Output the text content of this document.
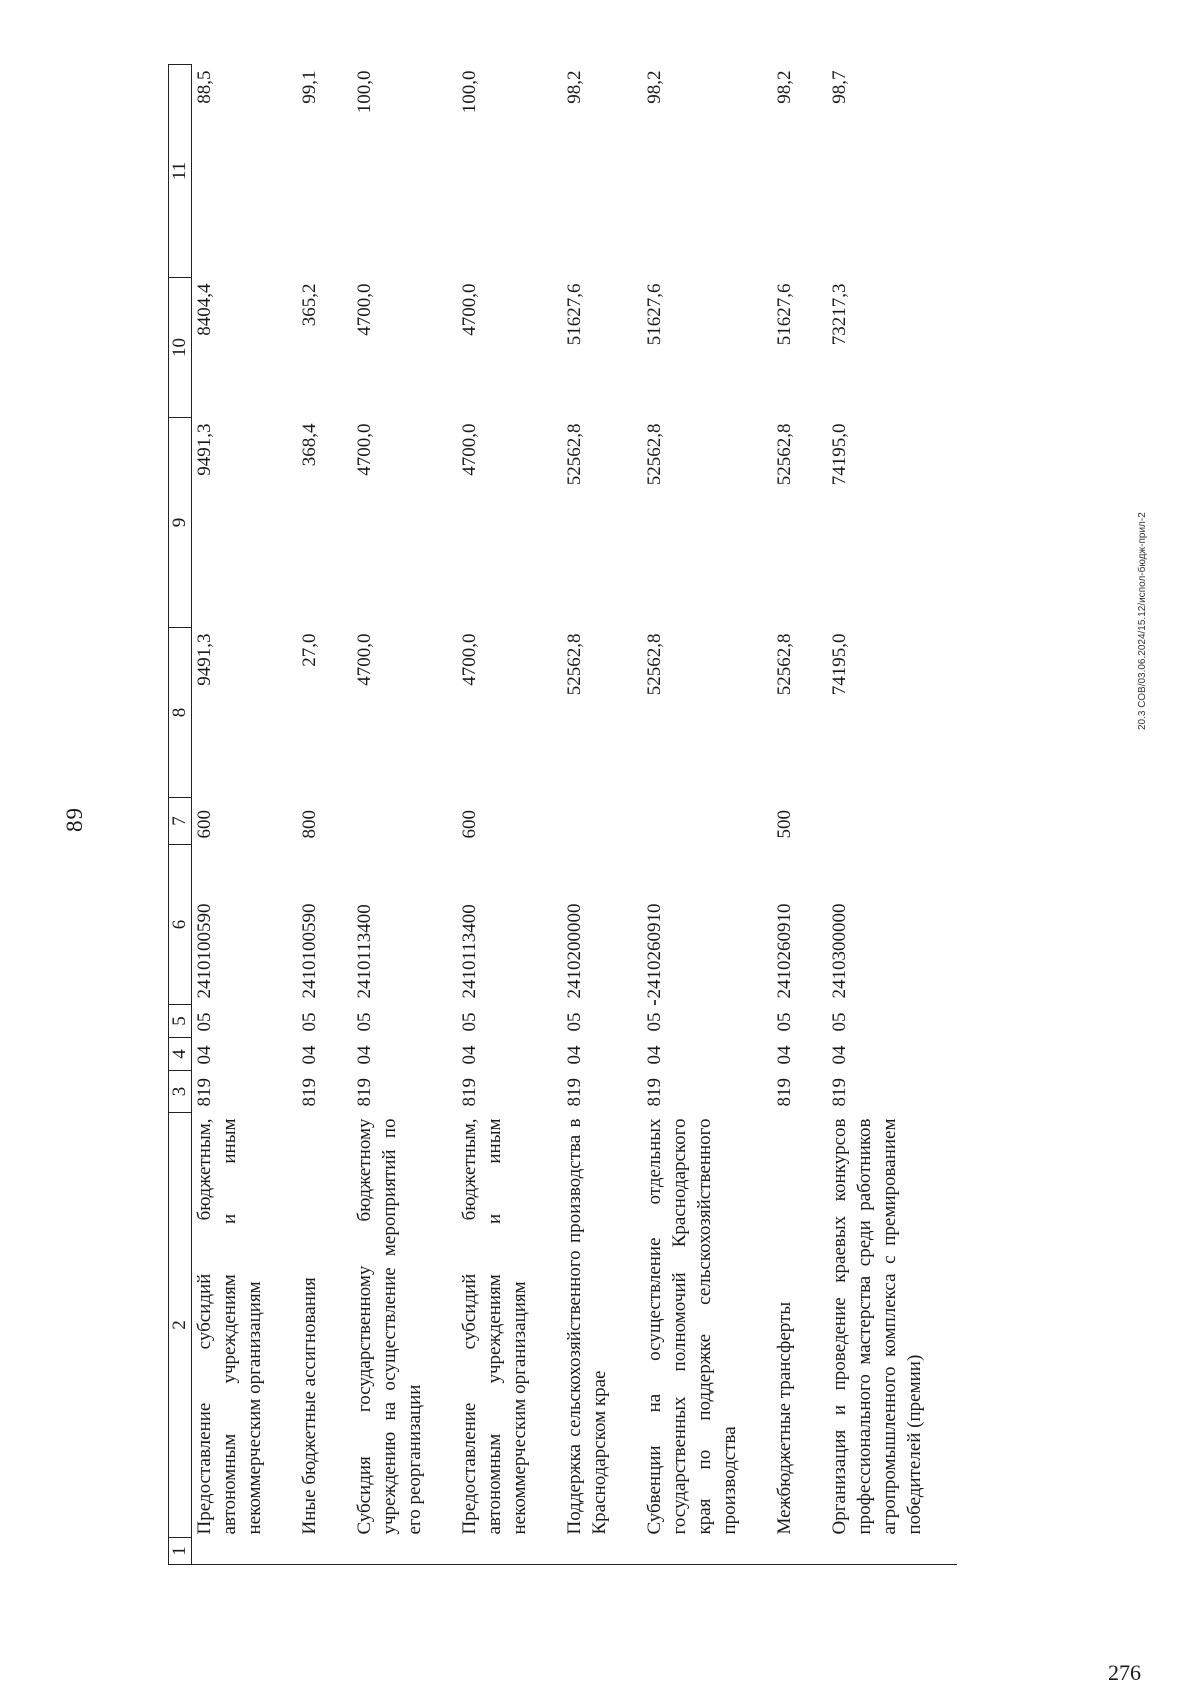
89
276
20.3 СОВ/03.06.2024/15.12/испол-бюдж-прил-2
1	2	3	4	5	6	7	8	9	10	11
	Предоставление субсидий бюджетным, автономным учреждениям и иным некоммерческим организациям	819	04	05	2410100590	600	9491,3	9491,3	8404,4	88,5
	Иные бюджетные ассигнования	819	04	05	2410100590	800	27,0	368,4	365,2	99,1
	Субсидия государственному бюджетному учреждению на осуществление мероприятий по его реорганизации	819	04	05	2410113400		4700,0	4700,0	4700,0	100,0
	Предоставление субсидий бюджетным, автономным учреждениям и иным некоммерческим организациям	819	04	05	2410113400	600	4700,0	4700,0	4700,0	100,0
	Поддержка сельскохозяйственного производства в Краснодарском крае	819	04	05	2410200000		52562,8	52562,8	51627,6	98,2
	Субвенции на осуществление отдельных государственных полномочий Краснодарского края по поддержке сельскохозяйственного производства	819	04	05	2410260910		52562,8	52562,8	51627,6	98,2
	Межбюджетные трансферты	819	04	05	2410260910	500	52562,8	52562,8	51627,6	98,2
	Организация и проведение краевых конкурсов профессионального мастерства среди работников агропромышленного комплекса с премированием победителей (премии)	819	04	05	2410300000		74195,0	74195,0	73217,3	98,7
